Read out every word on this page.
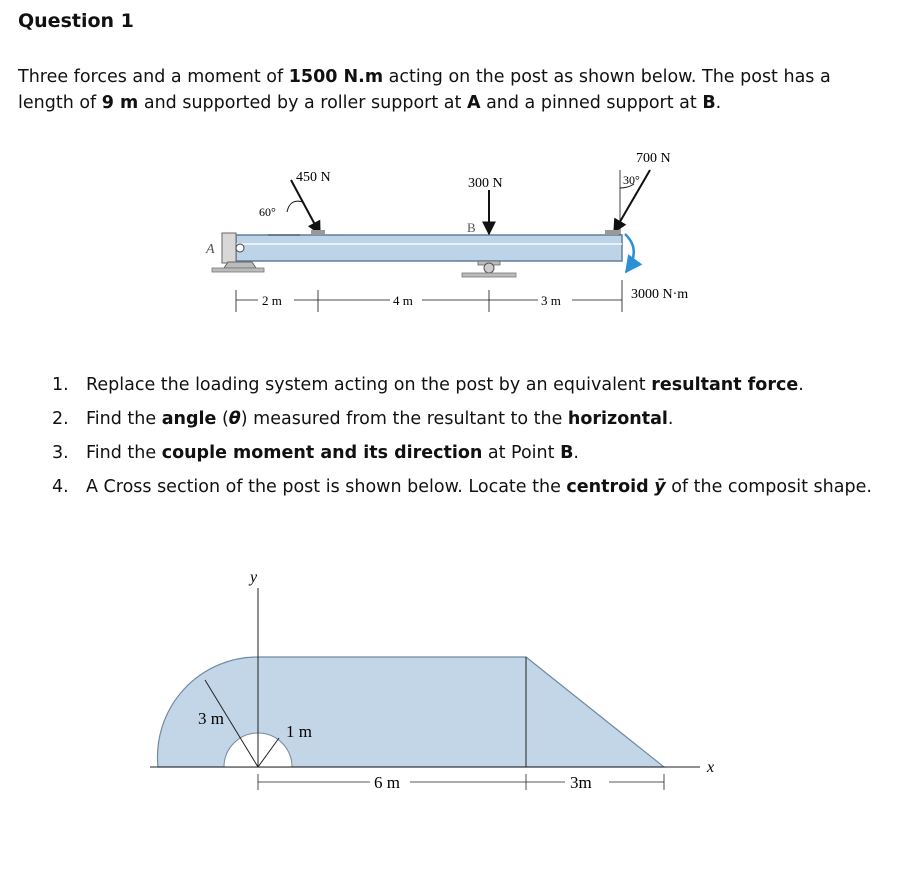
Question 1
Three forces and a moment of 1500 N.m acting on the post as shown below. The post has a length of 9 m and supported by a roller support at A and a pinned support at B.
A
B
450 N
60°
300 N
700 N
30°
3000 N·m
2 m	4 m	3 m
1. Replace the loading system acting on the post by an equivalent resultant force.
2. Find the angle (θ) measured from the resultant to the horizontal.
3. Find the couple moment and its direction at Point B.
4. A Cross section of the post is shown below. Locate the centroid ȳ of the composit shape.
y
x
3 m
1 m
6 m	3m
